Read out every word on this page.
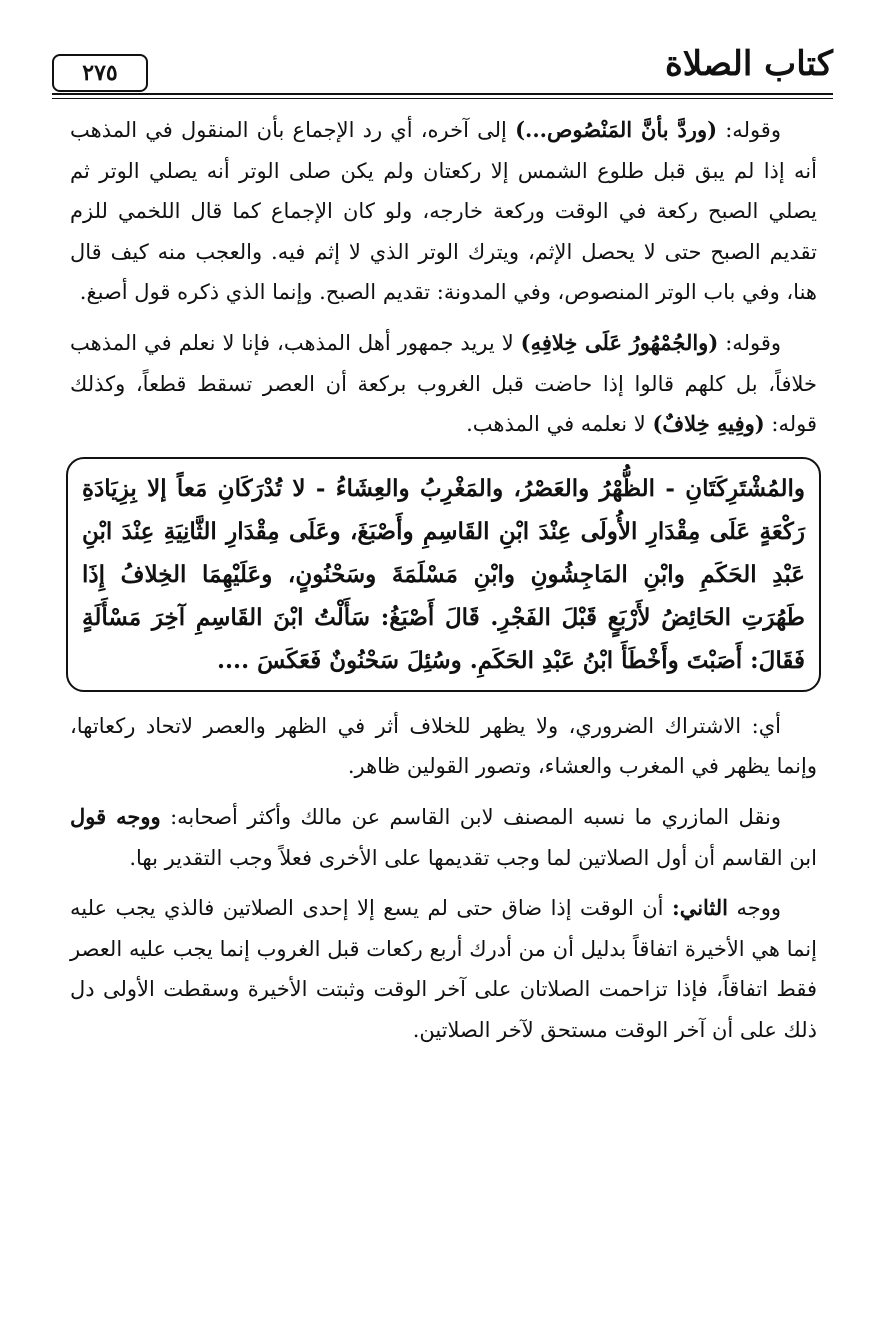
كتاب الصلاة
٢٧٥

وقوله: (وردَّ بأنَّ المَنْصُوص...) إلى آخره، أي رد الإجماع بأن المنقول في المذهب أنه إذا لم يبق قبل طلوع الشمس إلا ركعتان ولم يكن صلى الوتر أنه يصلي الوتر ثم يصلي الصبح ركعة في الوقت وركعة خارجه، ولو كان الإجماع كما قال اللخمي للزم تقديم الصبح حتى لا يحصل الإثم، ويترك الوتر الذي لا إثم فيه. والعجب منه كيف قال هنا، وفي باب الوتر المنصوص، وفي المدونة: تقديم الصبح. وإنما الذي ذكره قول أصبغ.

وقوله: (والجُمْهُورُ عَلَى خِلافِهِ) لا يريد جمهور أهل المذهب، فإنا لا نعلم في المذهب خلافاً، بل كلهم قالوا إذا حاضت قبل الغروب بركعة أن العصر تسقط قطعاً، وكذلك قوله: (وفِيهِ خِلافٌ) لا نعلمه في المذهب.

والمُشْتَرِكَتَانِ - الظُّهْرُ والعَصْرُ، والمَغْرِبُ والعِشَاءُ - لا تُدْرَكَانِ مَعاً إلا بِزِيَادَةِ رَكْعَةٍ عَلَى مِقْدَارِ الأُولَى عِنْدَ ابْنِ القَاسِمِ وأَصْبَغَ، وعَلَى مِقْدَارِ الثَّانِيَةِ عِنْدَ ابْنِ عَبْدِ الحَكَمِ وابْنِ المَاجِشُونِ وابْنِ مَسْلَمَةَ وسَحْنُونٍ، وعَلَيْهِمَا الخِلافُ إِذَا طَهُرَتِ الحَائِضُ لأَرْبَعٍ قَبْلَ الفَجْرِ. قَالَ أَصْبَغُ: سَأَلْتُ ابْنَ القَاسِمِ آخِرَ مَسْأَلَةٍ فَقَالَ: أَصَبْتَ وأَخْطَأَ ابْنُ عَبْدِ الحَكَمِ. وسُئِلَ سَحْنُونٌ فَعَكَسَ ....

أي: الاشتراك الضروري، ولا يظهر للخلاف أثر في الظهر والعصر لاتحاد ركعاتها، وإنما يظهر في المغرب والعشاء، وتصور القولين ظاهر.

ونقل المازري ما نسبه المصنف لابن القاسم عن مالك وأكثر أصحابه: ووجه قول ابن القاسم أن أول الصلاتين لما وجب تقديمها على الأخرى فعلاً وجب التقدير بها.

ووجه الثاني: أن الوقت إذا ضاق حتى لم يسع إلا إحدى الصلاتين فالذي يجب عليه إنما هي الأخيرة اتفاقاً بدليل أن من أدرك أربع ركعات قبل الغروب إنما يجب عليه العصر فقط اتفاقاً، فإذا تزاحمت الصلاتان على آخر الوقت وثبتت الأخيرة وسقطت الأولى دل ذلك على أن آخر الوقت مستحق لآخر الصلاتين.
